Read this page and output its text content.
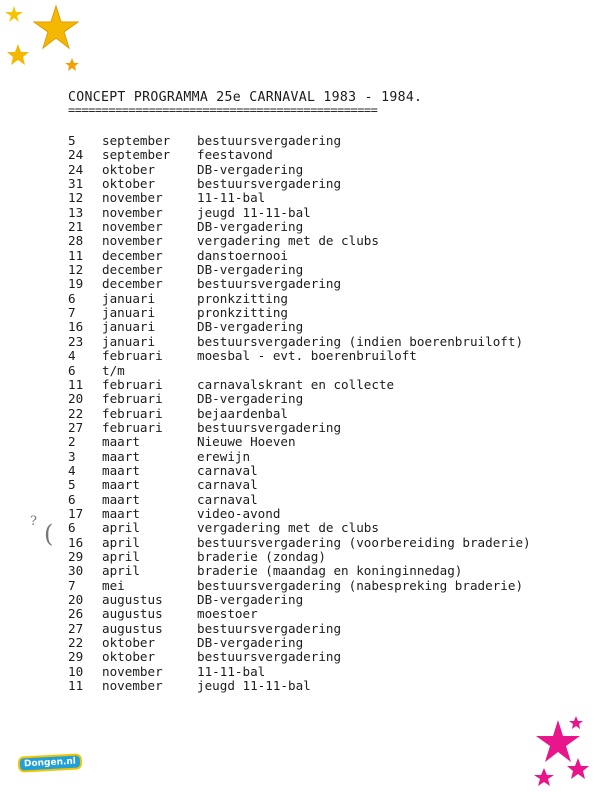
CONCEPT PROGRAMMA 25e CARNAVAL 1983 - 1984.
==============================================
5 september bestuursvergadering
24 september feestavond
24 oktober	DB-vergadering
31 oktober	bestuursvergadering
12 november	11-11-bal
13 november	jeugd 11-11-bal
21 november	DB-vergadering
28 november	vergadering met de clubs
11 december	danstoernooi
12 december	DB-vergadering
19 december	bestuursvergadering
6 januari	pronkzitting
7 januari	pronkzitting
16 januari	DB-vergadering
23 januari	bestuursvergadering (indien boerenbruiloft)
4 februari	moesbal - evt. boerenbruiloft
6 t/m
11 februari	carnavalskrant en collecte
20 februari	DB-vergadering
22 februari	bejaardenbal
27 februari	bestuursvergadering
2 maart	Nieuwe Hoeven
3 maart	erewijn
4 maart	carnaval
5 maart	carnaval
6 maart	carnaval
17 maart	video-avond
6 april	vergadering met de clubs
16 april	bestuursvergadering (voorbereiding braderie)
29 april	braderie (zondag)
30 april	braderie (maandag en koninginnedag)
7 mei	bestuursvergadering (nabespreking braderie)
20 augustus	DB-vergadering
26 augustus	moestoer
27 augustus	bestuursvergadering
22 oktober	DB-vergadering
29 oktober	bestuursvergadering
10 november	11-11-bal
11 november	jeugd 11-11-bal
? (
Dongen.nl
